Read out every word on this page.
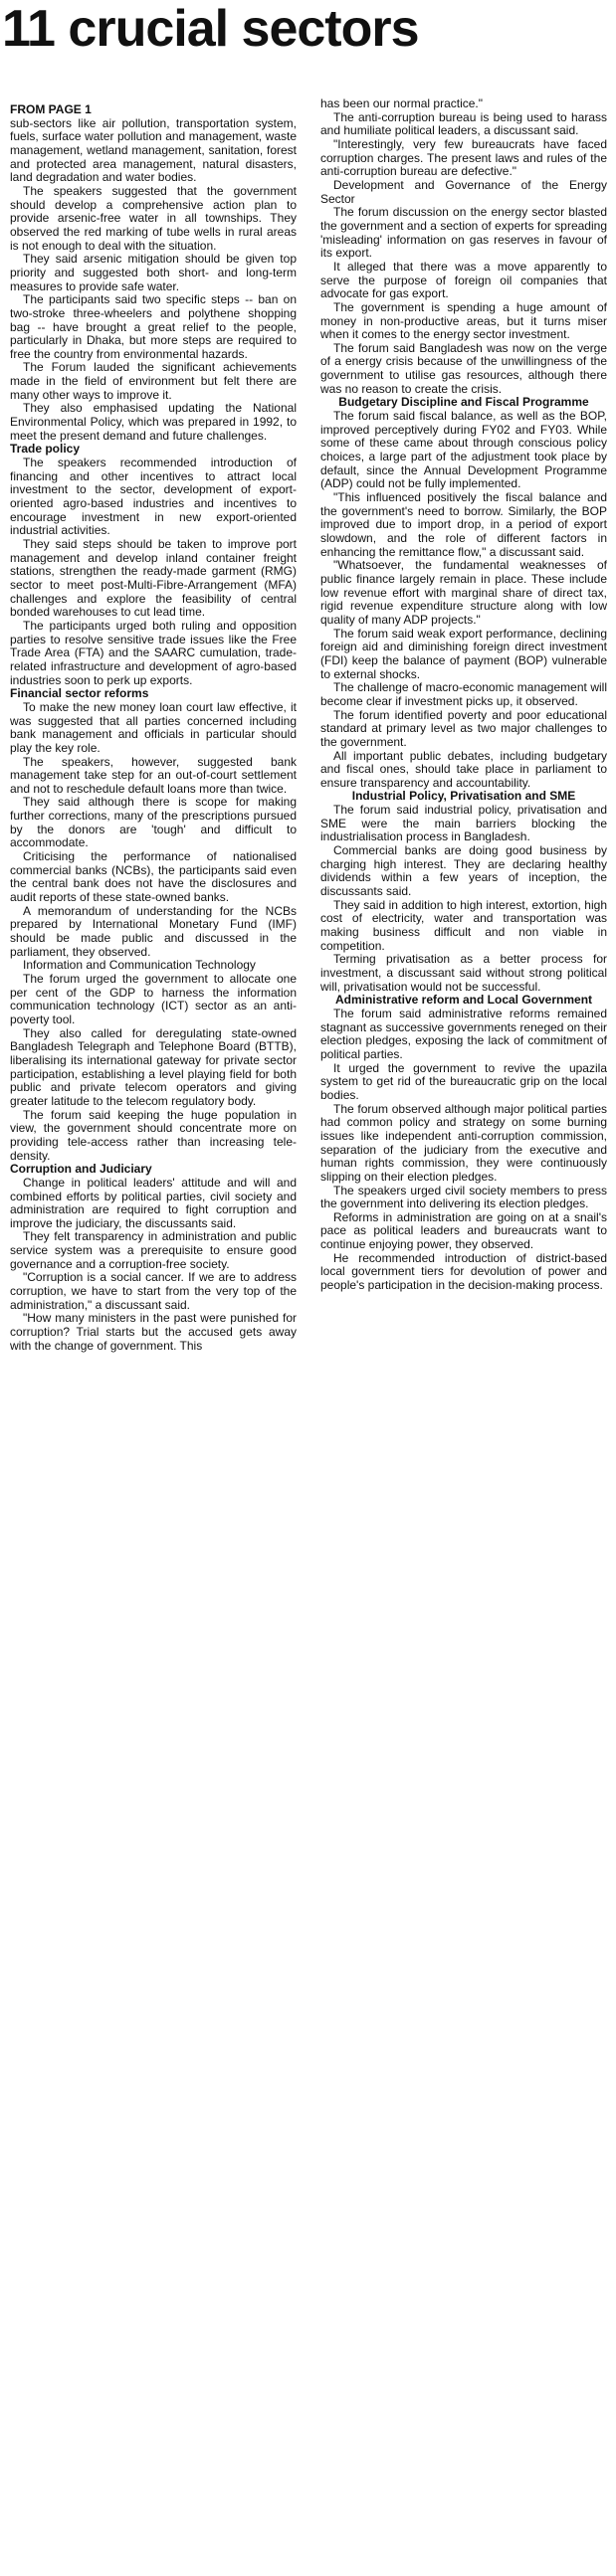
11 crucial sectors

FROM PAGE 1

sub-sectors like air pollution, transportation system, fuels, surface water pollution and management, waste management, wetland management, sanitation, forest and protected area management, natural disasters, land degradation and water bodies.

The speakers suggested that the government should develop a comprehensive action plan to provide arsenic-free water in all townships. They observed the red marking of tube wells in rural areas is not enough to deal with the situation.

They said arsenic mitigation should be given top priority and suggested both short- and long-term measures to provide safe water.

The participants said two specific steps -- ban on two-stroke three-wheelers and polythene shopping bag -- have brought a great relief to the people, particularly in Dhaka, but more steps are required to free the country from environmental hazards.

The Forum lauded the significant achievements made in the field of environment but felt there are many other ways to improve it.

They also emphasised updating the National Environmental Policy, which was prepared in 1992, to meet the present demand and future challenges.

Trade policy

The speakers recommended introduction of financing and other incentives to attract local investment to the sector, development of export-oriented agro-based industries and incentives to encourage investment in new export-oriented industrial activities.

They said steps should be taken to improve port management and develop inland container freight stations, strengthen the ready-made garment (RMG) sector to meet post-Multi-Fibre-Arrangement (MFA) challenges and explore the feasibility of central bonded warehouses to cut lead time.

The participants urged both ruling and opposition parties to resolve sensitive trade issues like the Free Trade Area (FTA) and the SAARC cumulation, trade-related infrastructure and development of agro-based industries soon to perk up exports.

Financial sector reforms

To make the new money loan court law effective, it was suggested that all parties concerned including bank management and officials in particular should play the key role.

The speakers, however, suggested bank management take step for an out-of-court settlement and not to reschedule default loans more than twice.

They said although there is scope for making further corrections, many of the prescriptions pursued by the donors are 'tough' and difficult to accommodate.

Criticising the performance of nationalised commercial banks (NCBs), the participants said even the central bank does not have the disclosures and audit reports of these state-owned banks.

A memorandum of understanding for the NCBs prepared by International Monetary Fund (IMF) should be made public and discussed in the parliament, they observed.

Information and Communication Technology

The forum urged the government to allocate one per cent of the GDP to harness the information communication technology (ICT) sector as an anti-poverty tool.

They also called for deregulating state-owned Bangladesh Telegraph and Telephone Board (BTTB), liberalising its international gateway for private sector participation, establishing a level playing field for both public and private telecom operators and giving greater latitude to the telecom regulatory body.

The forum said keeping the huge population in view, the government should concentrate more on providing tele-access rather than increasing tele-density.

Corruption and Judiciary

Change in political leaders' attitude and will and combined efforts by political parties, civil society and administration are required to fight corruption and improve the judiciary, the discussants said.

They felt transparency in administration and public service system was a prerequisite to ensure good governance and a corruption-free society.

"Corruption is a social cancer. If we are to address corruption, we have to start from the very top of the administration," a discussant said.

"How many ministers in the past were punished for corruption? Trial starts but the accused gets away with the change of government. This

has been our normal practice."

The anti-corruption bureau is being used to harass and humiliate political leaders, a discussant said.

"Interestingly, very few bureaucrats have faced corruption charges. The present laws and rules of the anti-corruption bureau are defective."

Development and Governance of the Energy Sector

The forum discussion on the energy sector blasted the government and a section of experts for spreading 'misleading' information on gas reserves in favour of its export.

It alleged that there was a move apparently to serve the purpose of foreign oil companies that advocate for gas export.

The government is spending a huge amount of money in non-productive areas, but it turns miser when it comes to the energy sector investment.

The forum said Bangladesh was now on the verge of a energy crisis because of the unwillingness of the government to utilise gas resources, although there was no reason to create the crisis.

Budgetary Discipline and Fiscal Programme

The forum said fiscal balance, as well as the BOP, improved perceptively during FY02 and FY03. While some of these came about through conscious policy choices, a large part of the adjustment took place by default, since the Annual Development Programme (ADP) could not be fully implemented.

"This influenced positively the fiscal balance and the government's need to borrow. Similarly, the BOP improved due to import drop, in a period of export slowdown, and the role of different factors in enhancing the remittance flow," a discussant said.

"Whatsoever, the fundamental weaknesses of public finance largely remain in place. These include low revenue effort with marginal share of direct tax, rigid revenue expenditure structure along with low quality of many ADP projects."

The forum said weak export performance, declining foreign aid and diminishing foreign direct investment (FDI) keep the balance of payment (BOP) vulnerable to external shocks.

The challenge of macro-economic management will become clear if investment picks up, it observed.

The forum identified poverty and poor educational standard at primary level as two major challenges to the government.

All important public debates, including budgetary and fiscal ones, should take place in parliament to ensure transparency and accountability.

Industrial Policy, Privatisation and SME

The forum said industrial policy, privatisation and SME were the main barriers blocking the industrialisation process in Bangladesh.

Commercial banks are doing good business by charging high interest. They are declaring healthy dividends within a few years of inception, the discussants said.

They said in addition to high interest, extortion, high cost of electricity, water and transportation was making business difficult and non viable in competition.

Terming privatisation as a better process for investment, a discussant said without strong political will, privatisation would not be successful.

Administrative reform and Local Government

The forum said administrative reforms remained stagnant as successive governments reneged on their election pledges, exposing the lack of commitment of political parties.

It urged the government to revive the upazila system to get rid of the bureaucratic grip on the local bodies.

The forum observed although major political parties had common policy and strategy on some burning issues like independent anti-corruption commission, separation of the judiciary from the executive and human rights commission, they were continuously slipping on their election pledges.

The speakers urged civil society members to press the government into delivering its election pledges.

Reforms in administration are going on at a snail's pace as political leaders and bureaucrats want to continue enjoying power, they observed.

He recommended introduction of district-based local government tiers for devolution of power and people's participation in the decision-making process.
